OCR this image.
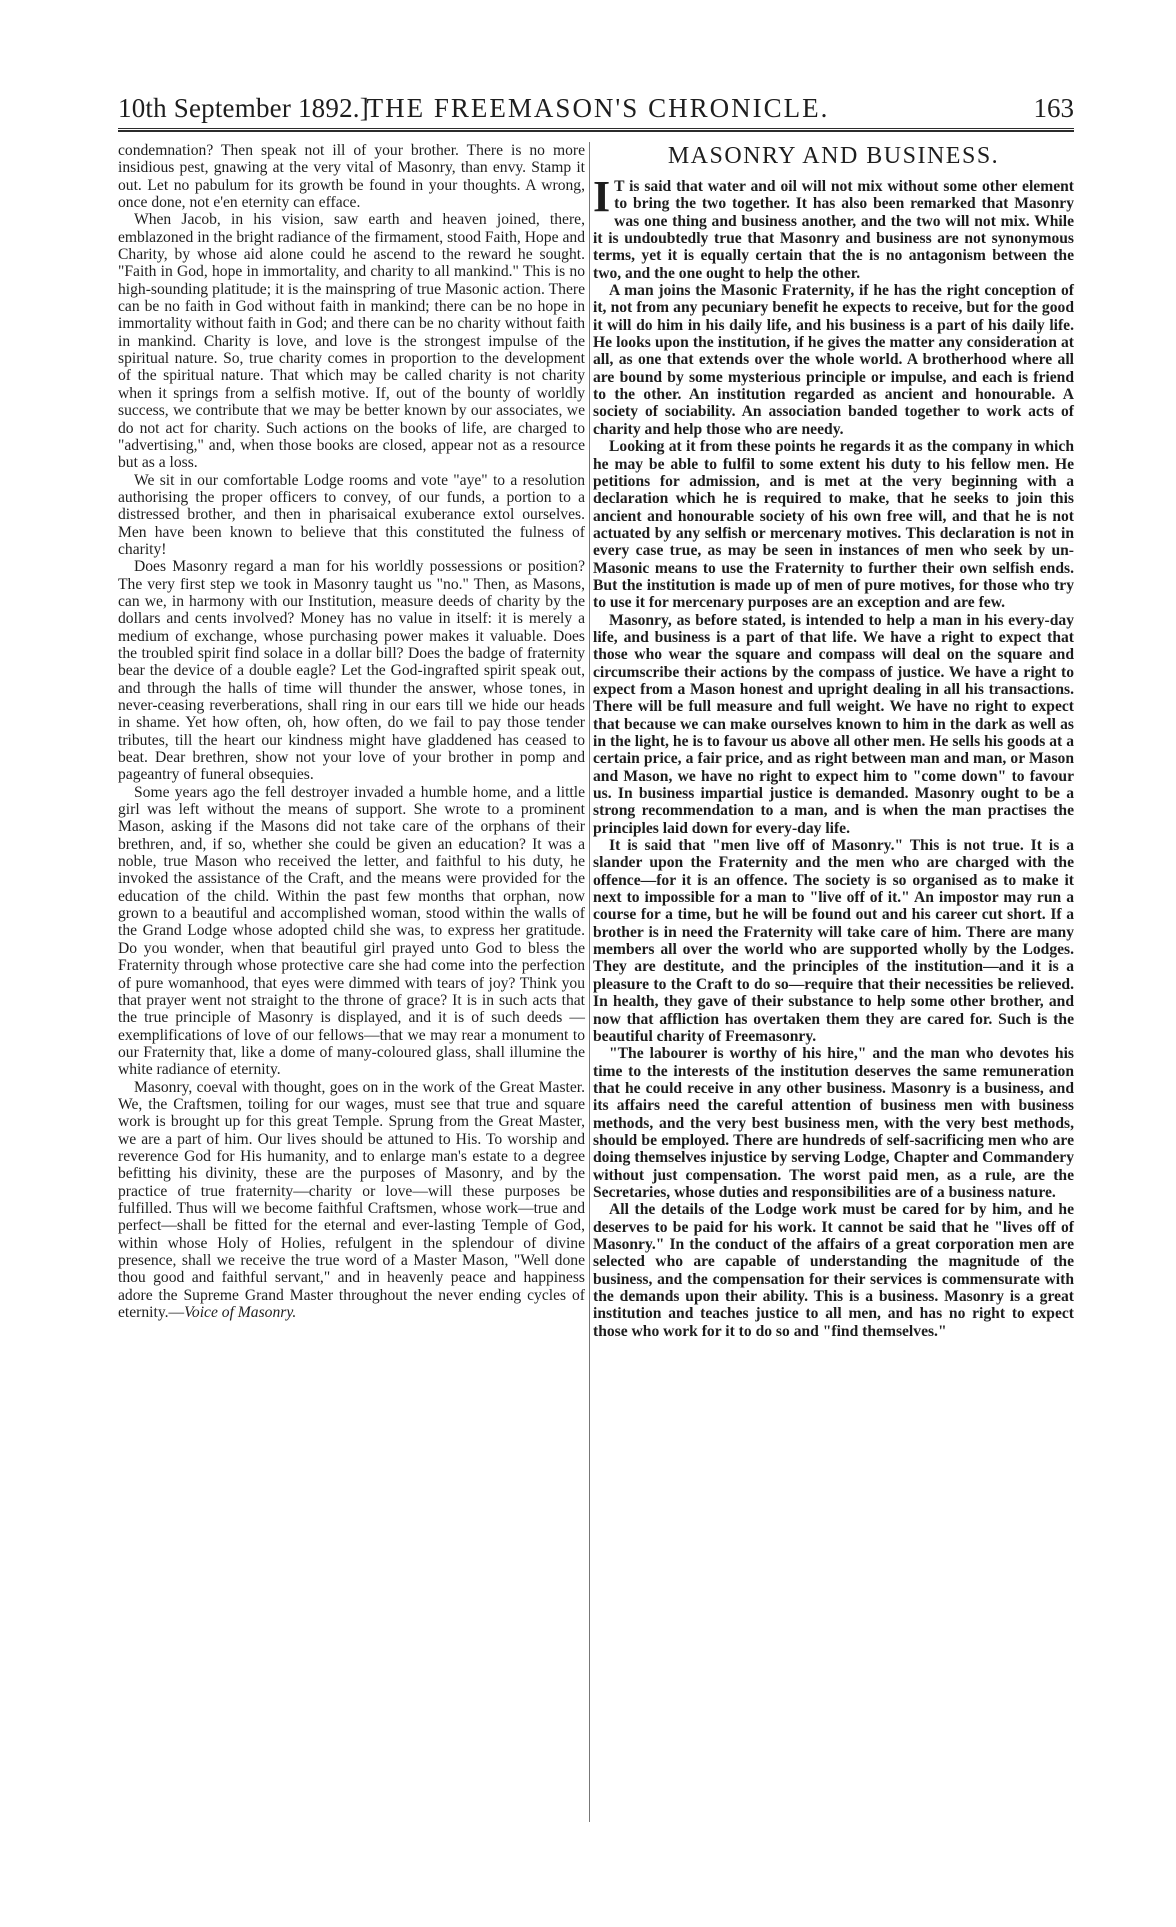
10th September 1892.]
THE FREEMASON'S CHRONICLE.	163

condemnation? Then speak not ill of your brother. There is no more insidious pest, gnawing at the very vital of Masonry, than envy. Stamp it out. Let no pabulum for its growth be found in your thoughts. A wrong, once done, not e'en eternity can efface.

When Jacob, in his vision, saw earth and heaven joined, there, emblazoned in the bright radiance of the firmament, stood Faith, Hope and Charity, by whose aid alone could he ascend to the reward he sought. "Faith in God, hope in immortality, and charity to all mankind." This is no high-sounding platitude; it is the mainspring of true Masonic action. There can be no faith in God without faith in mankind; there can be no hope in immortality without faith in God; and there can be no charity without faith in mankind. Charity is love, and love is the strongest impulse of the spiritual nature. So, true charity comes in proportion to the development of the spiritual nature. That which may be called charity is not charity when it springs from a selfish motive. If, out of the bounty of worldly success, we contribute that we may be better known by our associates, we do not act for charity. Such actions on the books of life, are charged to "advertising," and, when those books are closed, appear not as a resource but as a loss.

We sit in our comfortable Lodge rooms and vote "aye" to a resolution authorising the proper officers to convey, of our funds, a portion to a distressed brother, and then in pharisaical exuberance extol ourselves. Men have been known to believe that this constituted the fulness of charity!

Does Masonry regard a man for his worldly possessions or position? The very first step we took in Masonry taught us "no." Then, as Masons, can we, in harmony with our Institution, measure deeds of charity by the dollars and cents involved? Money has no value in itself: it is merely a medium of exchange, whose purchasing power makes it valuable. Does the troubled spirit find solace in a dollar bill? Does the badge of fraternity bear the device of a double eagle? Let the God-ingrafted spirit speak out, and through the halls of time will thunder the answer, whose tones, in never-ceasing reverberations, shall ring in our ears till we hide our heads in shame. Yet how often, oh, how often, do we fail to pay those tender tributes, till the heart our kindness might have gladdened has ceased to beat. Dear brethren, show not your love of your brother in pomp and pageantry of funeral obsequies.

Some years ago the fell destroyer invaded a humble home, and a little girl was left without the means of support. She wrote to a prominent Mason, asking if the Masons did not take care of the orphans of their brethren, and, if so, whether she could be given an education? It was a noble, true Mason who received the letter, and faithful to his duty, he invoked the assistance of the Craft, and the means were provided for the education of the child. Within the past few months that orphan, now grown to a beautiful and accomplished woman, stood within the walls of the Grand Lodge whose adopted child she was, to express her gratitude. Do you wonder, when that beautiful girl prayed unto God to bless the Fraternity through whose protective care she had come into the perfection of pure womanhood, that eyes were dimmed with tears of joy? Think you that prayer went not straight to the throne of grace? It is in such acts that the true principle of Masonry is displayed, and it is of such deeds —exemplifications of love of our fellows—that we may rear a monument to our Fraternity that, like a dome of many-coloured glass, shall illumine the white radiance of eternity.

Masonry, coeval with thought, goes on in the work of the Great Master. We, the Craftsmen, toiling for our wages, must see that true and square work is brought up for this great Temple. Sprung from the Great Master, we are a part of him. Our lives should be attuned to His. To worship and reverence God for His humanity, and to enlarge man's estate to a degree befitting his divinity, these are the purposes of Masonry, and by the practice of true fraternity—charity or love—will these purposes be fulfilled. Thus will we become faithful Craftsmen, whose work—true and perfect—shall be fitted for the eternal and ever-lasting Temple of God, within whose Holy of Holies, refulgent in the splendour of divine presence, shall we receive the true word of a Master Mason, "Well done thou good and faithful servant," and in heavenly peace and happiness adore the Supreme Grand Master throughout the never ending cycles of eternity.—Voice of Masonry.

MASONRY AND BUSINESS.

I T is said that water and oil will not mix without some other element to bring the two together. It has also been remarked that Masonry was one thing and business another, and the two will not mix. While it is undoubtedly true that Masonry and business are not synonymous terms, yet it is equally certain that the is no antagonism between the two, and the one ought to help the other.

A man joins the Masonic Fraternity, if he has the right conception of it, not from any pecuniary benefit he expects to receive, but for the good it will do him in his daily life, and his business is a part of his daily life. He looks upon the institution, if he gives the matter any consideration at all, as one that extends over the whole world. A brotherhood where all are bound by some mysterious principle or impulse, and each is friend to the other. An institution regarded as ancient and honourable. A society of sociability. An association banded together to work acts of charity and help those who are needy.

Looking at it from these points he regards it as the company in which he may be able to fulfil to some extent his duty to his fellow men. He petitions for admission, and is met at the very beginning with a declaration which he is required to make, that he seeks to join this ancient and honourable society of his own free will, and that he is not actuated by any selfish or mercenary motives. This declaration is not in every case true, as may be seen in instances of men who seek by un-Masonic means to use the Fraternity to further their own selfish ends. But the institution is made up of men of pure motives, for those who try to use it for mercenary purposes are an exception and are few.

Masonry, as before stated, is intended to help a man in his every-day life, and business is a part of that life. We have a right to expect that those who wear the square and compass will deal on the square and circumscribe their actions by the compass of justice. We have a right to expect from a Mason honest and upright dealing in all his transactions. There will be full measure and full weight. We have no right to expect that because we can make ourselves known to him in the dark as well as in the light, he is to favour us above all other men. He sells his goods at a certain price, a fair price, and as right between man and man, or Mason and Mason, we have no right to expect him to "come down" to favour us. In business impartial justice is demanded. Masonry ought to be a strong recommendation to a man, and is when the man practises the principles laid down for every-day life.

It is said that "men live off of Masonry." This is not true. It is a slander upon the Fraternity and the men who are charged with the offence—for it is an offence. The society is so organised as to make it next to impossible for a man to "live off of it." An impostor may run a course for a time, but he will be found out and his career cut short. If a brother is in need the Fraternity will take care of him. There are many members all over the world who are supported wholly by the Lodges. They are destitute, and the principles of the institution—and it is a pleasure to the Craft to do so—require that their necessities be relieved. In health, they gave of their substance to help some other brother, and now that affliction has overtaken them they are cared for. Such is the beautiful charity of Freemasonry.

"The labourer is worthy of his hire," and the man who devotes his time to the interests of the institution deserves the same remuneration that he could receive in any other business. Masonry is a business, and its affairs need the careful attention of business men with business methods, and the very best business men, with the very best methods, should be employed. There are hundreds of self-sacrificing men who are doing themselves injustice by serving Lodge, Chapter and Commandery without just compensation. The worst paid men, as a rule, are the Secretaries, whose duties and responsibilities are of a business nature.

All the details of the Lodge work must be cared for by him, and he deserves to be paid for his work. It cannot be said that he "lives off of Masonry." In the conduct of the affairs of a great corporation men are selected who are capable of understanding the magnitude of the business, and the compensation for their services is commensurate with the demands upon their ability. This is a business. Masonry is a great institution and teaches justice to all men, and has no right to expect those who work for it to do so and "find themselves."
